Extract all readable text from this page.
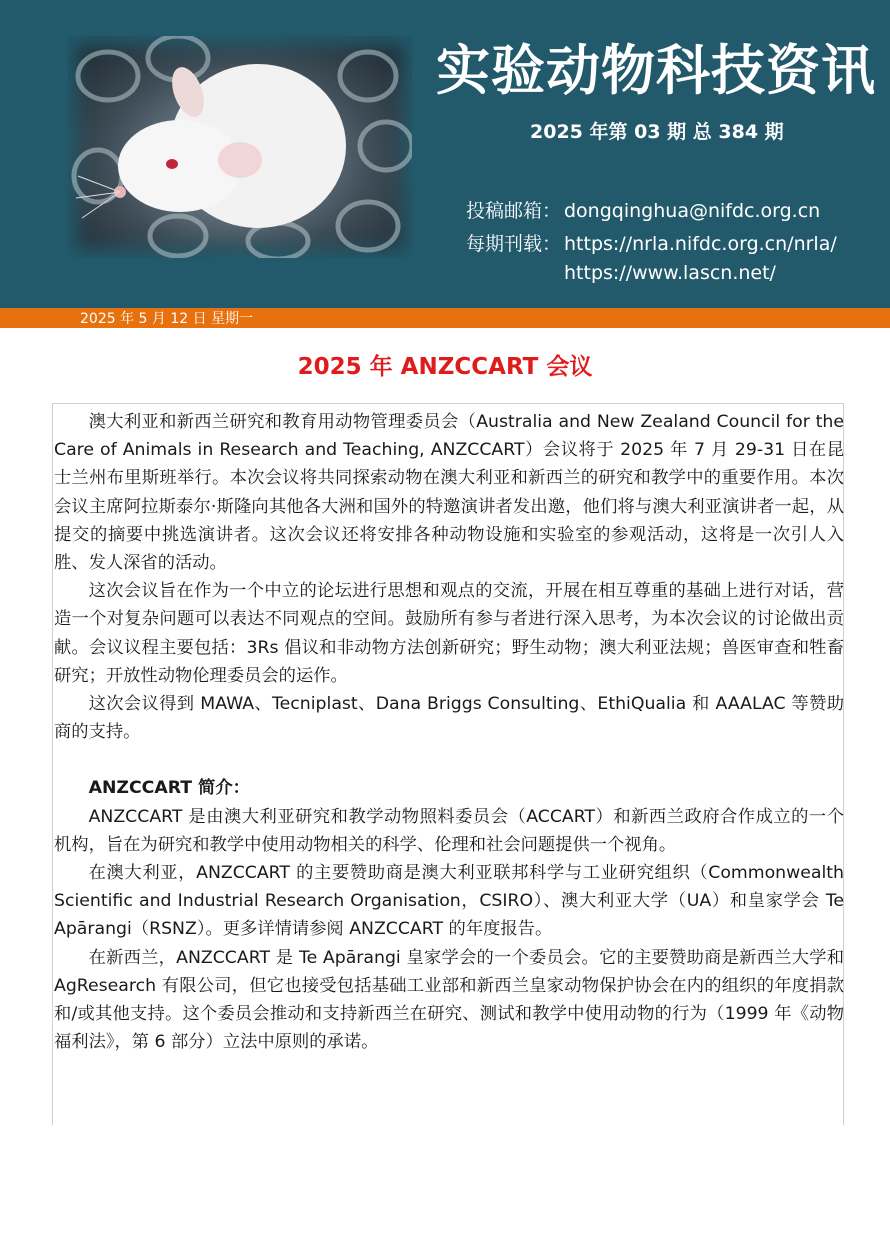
实验动物科技资讯
2025 年第 03 期 总 384 期
投稿邮箱： dongqinghua@nifdc.org.cn
每期刊载： https://nrla.nifdc.org.cn/nrla/
https://www.lascn.net/
2025 年 5 月 12 日 星期一
2025 年 ANZCCART 会议

澳大利亚和新西兰研究和教育用动物管理委员会（Australia and New Zealand Council for the Care of Animals in Research and Teaching, ANZCCART）会议将于 2025 年 7 月 29-31 日在昆士兰州布里斯班举行。本次会议将共同探索动物在澳大利亚和新西兰的研究和教学中的重要作用。本次会议主席阿拉斯泰尔·斯隆向其他各大洲和国外的特邀演讲者发出邀，他们将与澳大利亚演讲者一起，从提交的摘要中挑选演讲者。这次会议还将安排各种动物设施和实验室的参观活动，这将是一次引人入胜、发人深省的活动。

这次会议旨在作为一个中立的论坛进行思想和观点的交流，开展在相互尊重的基础上进行对话，营造一个对复杂问题可以表达不同观点的空间。鼓励所有参与者进行深入思考，为本次会议的讨论做出贡献。会议议程主要包括：3Rs 倡议和非动物方法创新研究；野生动物；澳大利亚法规；兽医审查和牲畜研究；开放性动物伦理委员会的运作。

这次会议得到 MAWA、Tecniplast、Dana Briggs Consulting、EthiQualia 和 AAALAC 等赞助商的支持。

ANZCCART 简介：

ANZCCART 是由澳大利亚研究和教学动物照料委员会（ACCART）和新西兰政府合作成立的一个机构，旨在为研究和教学中使用动物相关的科学、伦理和社会问题提供一个视角。

在澳大利亚，ANZCCART 的主要赞助商是澳大利亚联邦科学与工业研究组织（Commonwealth Scientific and Industrial Research Organisation，CSIRO）、澳大利亚大学（UA）和皇家学会 Te Apārangi（RSNZ）。更多详情请参阅 ANZCCART 的年度报告。

在新西兰，ANZCCART 是 Te Apārangi 皇家学会的一个委员会。它的主要赞助商是新西兰大学和 AgResearch 有限公司，但它也接受包括基础工业部和新西兰皇家动物保护协会在内的组织的年度捐款和/或其他支持。这个委员会推动和支持新西兰在研究、测试和教学中使用动物的行为（1999 年《动物福利法》，第 6 部分）立法中原则的承诺。
